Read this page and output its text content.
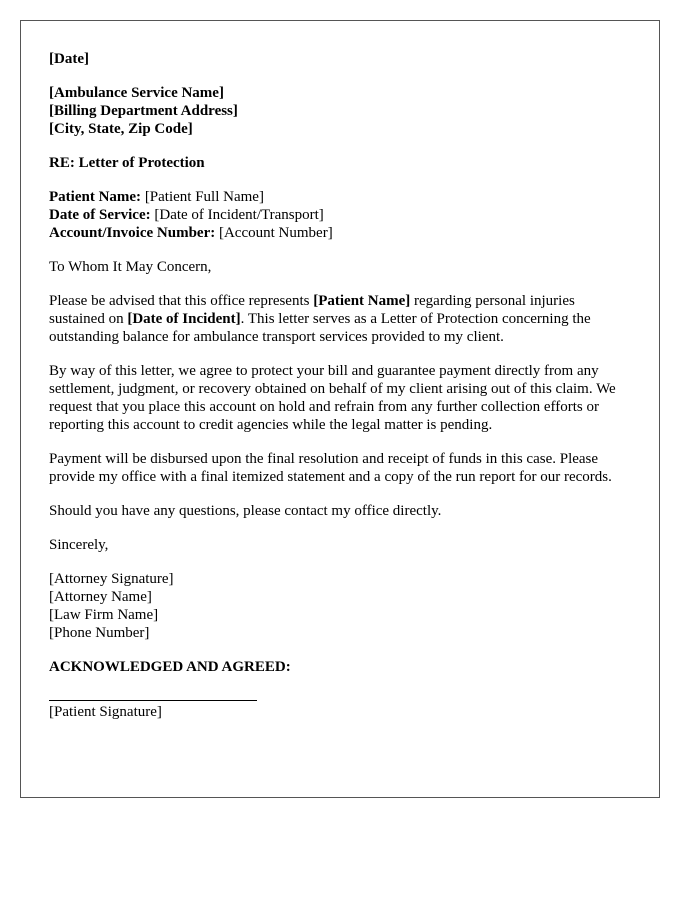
[Date]
[Ambulance Service Name]
[Billing Department Address]
[City, State, Zip Code]
RE: Letter of Protection
Patient Name: [Patient Full Name]
Date of Service: [Date of Incident/Transport]
Account/Invoice Number: [Account Number]

To Whom It May Concern,

Please be advised that this office represents [Patient Name] regarding personal injuries sustained on [Date of Incident]. This letter serves as a Letter of Protection concerning the outstanding balance for ambulance transport services provided to my client.

By way of this letter, we agree to protect your bill and guarantee payment directly from any settlement, judgment, or recovery obtained on behalf of my client arising out of this claim. We request that you place this account on hold and refrain from any further collection efforts or reporting this account to credit agencies while the legal matter is pending.

Payment will be disbursed upon the final resolution and receipt of funds in this case. Please provide my office with a final itemized statement and a copy of the run report for our records.

Should you have any questions, please contact my office directly.

Sincerely,

[Attorney Signature]
[Attorney Name]
[Law Firm Name]
[Phone Number]
ACKNOWLEDGED AND AGREED:
[Patient Signature]
